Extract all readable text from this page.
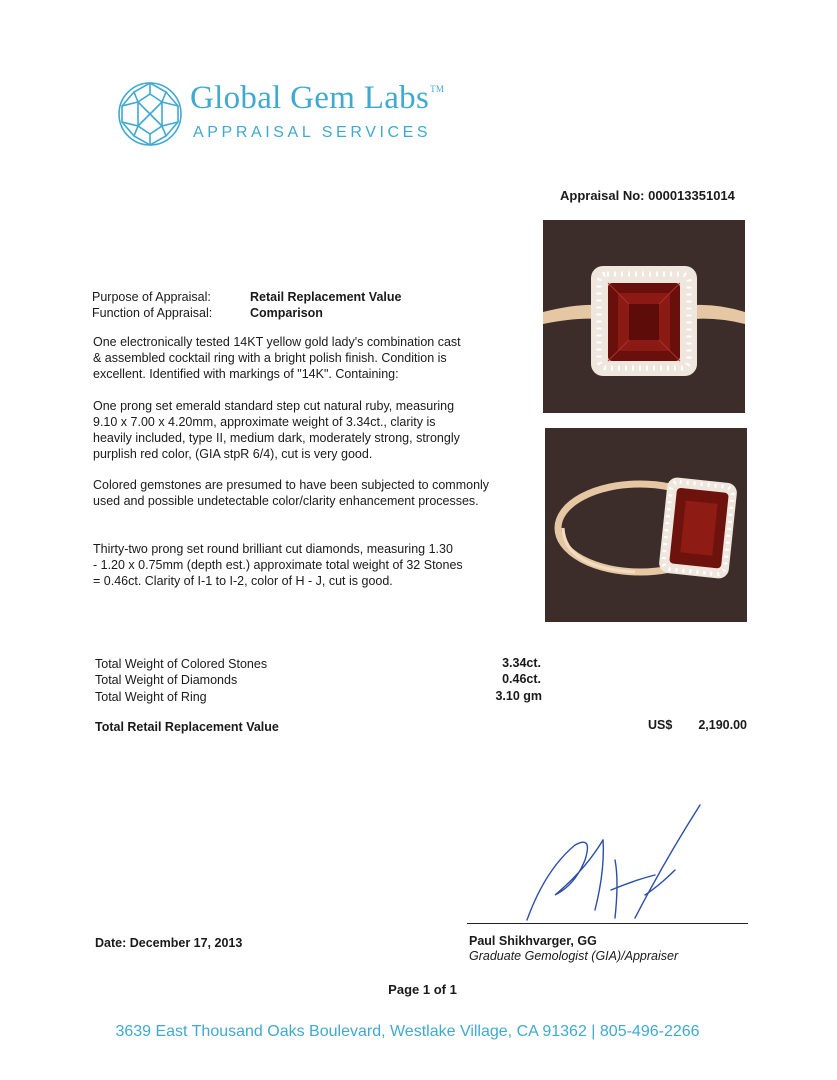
Global Gem Labs™
APPRAISAL SERVICES
Appraisal No: 000013351014
Purpose of Appraisal:	Retail Replacement Value
Function of Appraisal:	Comparison
One electronically tested 14KT yellow gold lady's combination cast
& assembled cocktail ring with a bright polish finish. Condition is
excellent. Identified with markings of "14K". Containing:
One prong set emerald standard step cut natural ruby, measuring
9.10 x 7.00 x 4.20mm, approximate weight of 3.34ct., clarity is
heavily included, type II, medium dark, moderately strong, strongly
purplish red color, (GIA stpR 6/4), cut is very good.
Colored gemstones are presumed to have been subjected to commonly
used and possible undetectable color/clarity enhancement processes.
Thirty-two prong set round brilliant cut diamonds, measuring 1.30
- 1.20 x 0.75mm (depth est.) approximate total weight of 32 Stones
= 0.46ct. Clarity of I-1 to I-2, color of H - J, cut is good.
Total Weight of Colored Stones	3.34ct.
Total Weight of Diamonds	0.46ct.
Total Weight of Ring	3.10 gm
Total Retail Replacement Value	US$	2,190.00
Paul Shikhvarger, GG
Graduate Gemologist (GIA)/Appraiser
Date: December 17, 2013
Page 1 of 1
3639 East Thousand Oaks Boulevard, Westlake Village, CA 91362 | 805-496-2266
